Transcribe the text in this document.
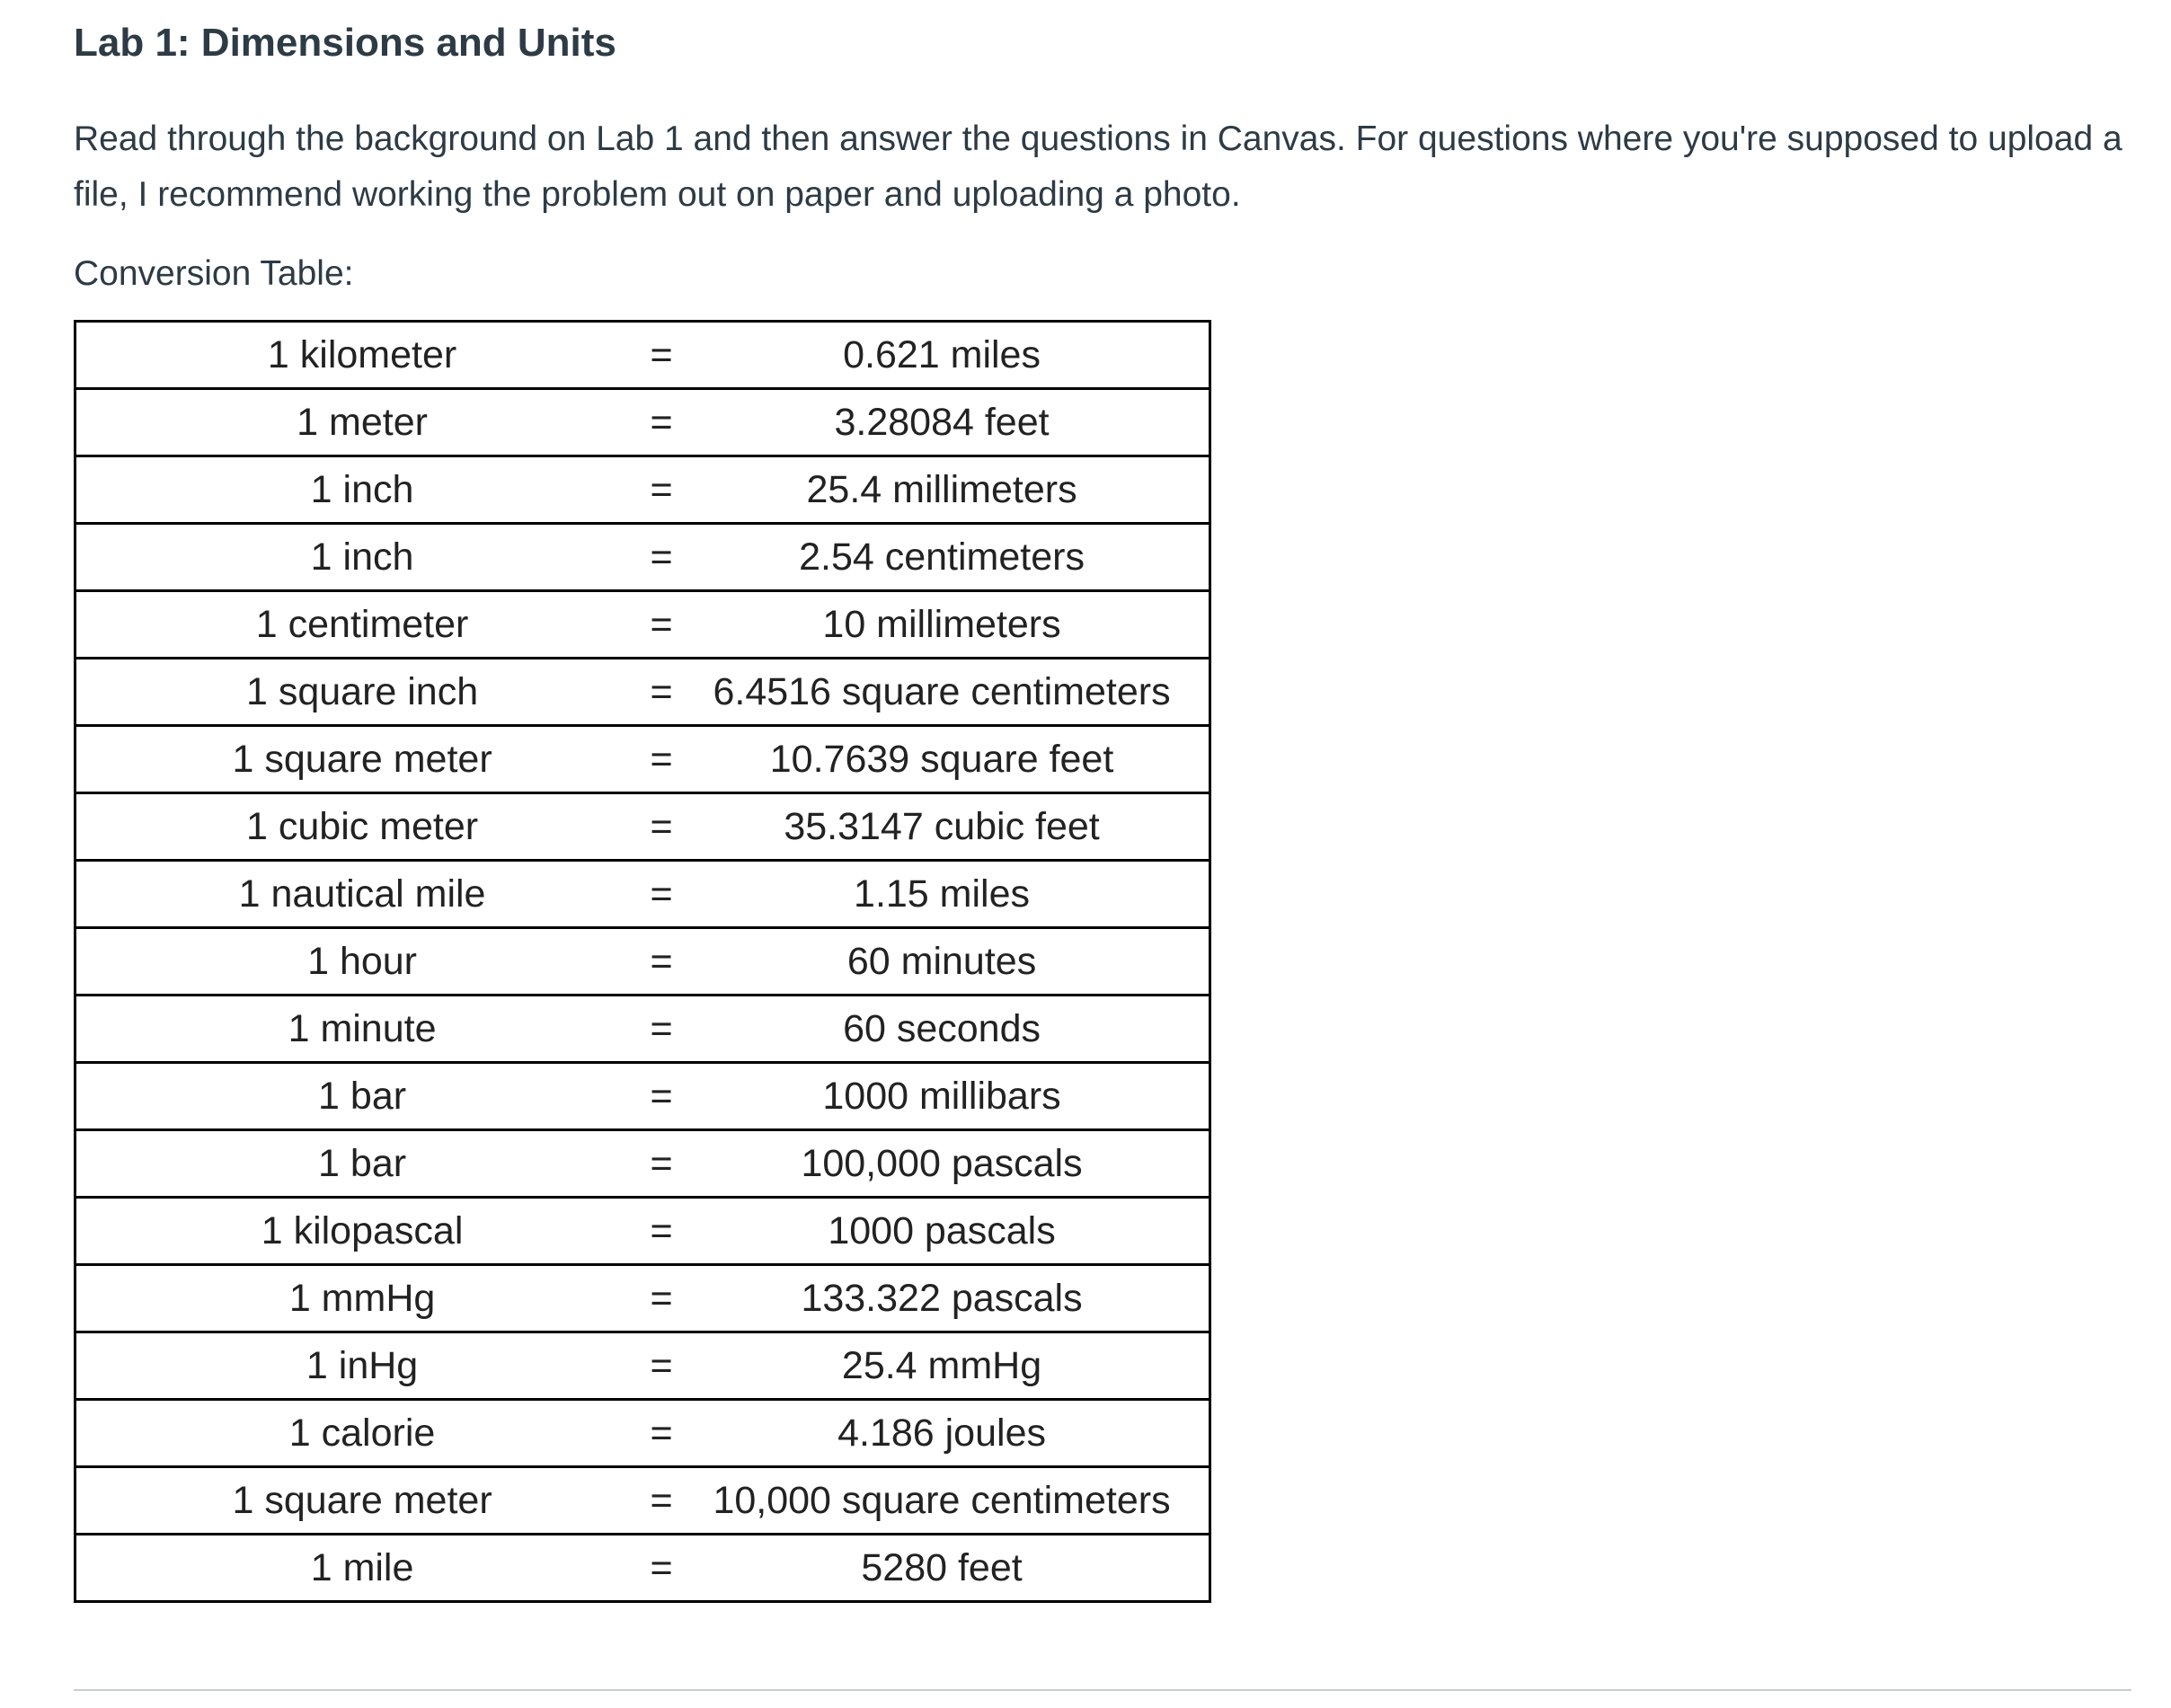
Lab 1: Dimensions and Units

Read through the background on Lab 1 and then answer the questions in Canvas. For questions where you're supposed to upload a file, I recommend working the problem out on paper and uploading a photo.

Conversion Table:

1 kilometer	=	0.621 miles
1 meter	=	3.28084 feet
1 inch	=	25.4 millimeters
1 inch	=	2.54 centimeters
1 centimeter	=	10 millimeters
1 square inch	=	6.4516 square centimeters
1 square meter	=	10.7639 square feet
1 cubic meter	=	35.3147 cubic feet
1 nautical mile	=	1.15 miles
1 hour	=	60 minutes
1 minute	=	60 seconds
1 bar	=	1000 millibars
1 bar	=	100,000 pascals
1 kilopascal	=	1000 pascals
1 mmHg	=	133.322 pascals
1 inHg	=	25.4 mmHg
1 calorie	=	4.186 joules
1 square meter	=	10,000 square centimeters
1 mile	=	5280 feet
